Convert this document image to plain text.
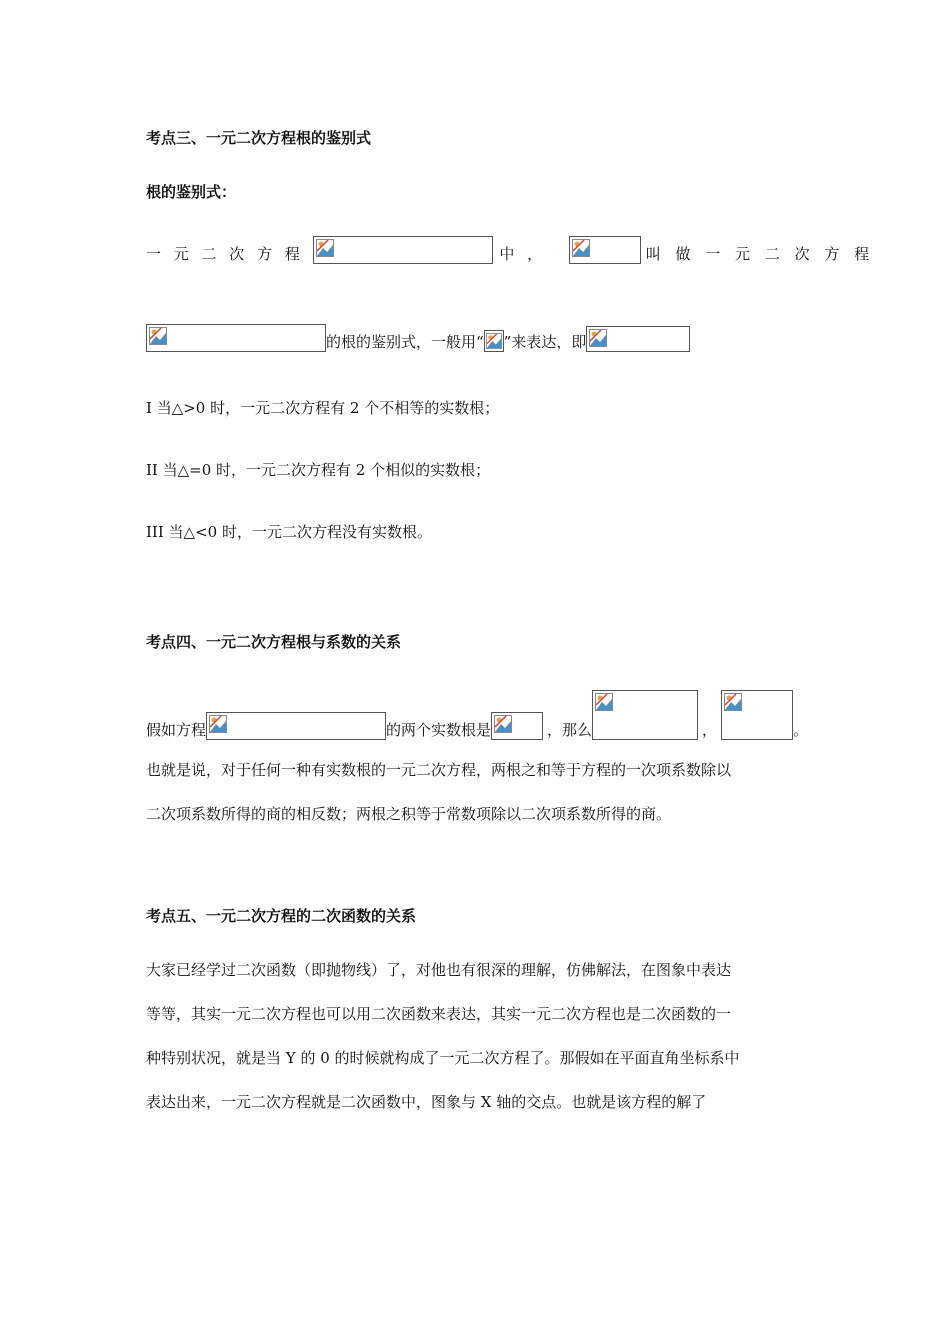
考点三、一元二次方程根的鉴别式
根的鉴别式：
一 元 二 次 方 程	中 ，	叫 做 一 元 二 次 方 程
的根的鉴别式，一般用“ ”来表达，即
I 当△>0 时，一元二次方程有 2 个不相等的实数根；
II 当△=0 时，一元二次方程有 2 个相似的实数根；
III 当△<0 时，一元二次方程没有实数根。
考点四、一元二次方程根与系数的关系
假如方程	的两个实数根是	，那么	，	。
也就是说，对于任何一种有实数根的一元二次方程，两根之和等于方程的一次项系数除以
二次项系数所得的商的相反数；两根之积等于常数项除以二次项系数所得的商。
考点五、一元二次方程的二次函数的关系
大家已经学过二次函数（即抛物线）了，对他也有很深的理解，仿佛解法，在图象中表达
等等，其实一元二次方程也可以用二次函数来表达，其实一元二次方程也是二次函数的一
种特别状况，就是当 Y 的 0 的时候就构成了一元二次方程了。那假如在平面直角坐标系中
表达出来，一元二次方程就是二次函数中，图象与 X 轴的交点。也就是该方程的解了
